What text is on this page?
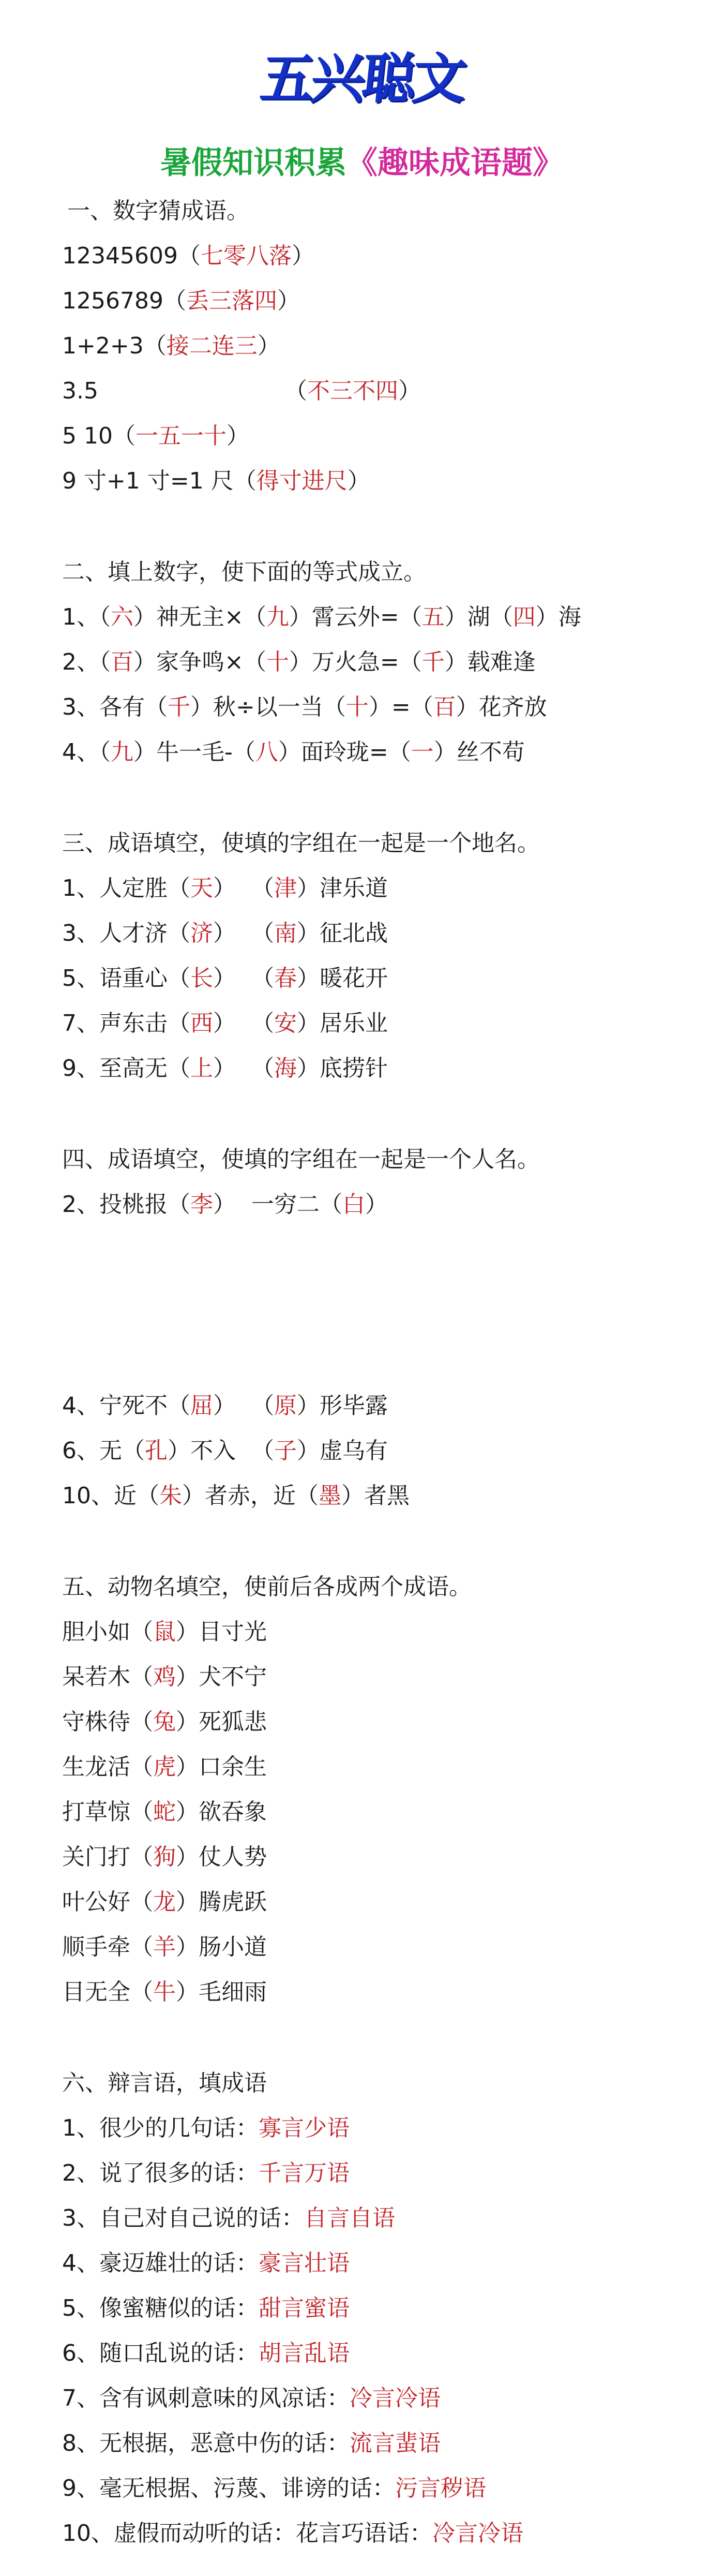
五兴聪文
暑假知识积累《趣味成语题》
一、数字猜成语。
12345609（七零八落）
1256789（丢三落四）
1+2+3（接二连三）
3.5	（不三不四）
5 10（一五一十）
9 寸+1 寸=1 尺（得寸进尺）
二、填上数字，使下面的等式成立。
1、（六）神无主×（九）霄云外=（五）湖（四）海
2、（百）家争鸣×（十）万火急=（千）载难逢
3、各有（千）秋÷以一当（十）=（百）花齐放
4、（九）牛一毛-（八）面玲珑=（一）丝不苟
三、成语填空，使填的字组在一起是一个地名。
1、人定胜（天） （津）津乐道
3、人才济（济） （南）征北战
5、语重心（长） （春）暖花开
7、声东击（西） （安）居乐业
9、至高无（上） （海）底捞针
四、成语填空，使填的字组在一起是一个人名。
2、投桃报（李） 一穷二（白）
4、宁死不（屈） （原）形毕露
6、无（孔）不入 （子）虚乌有
10、近（朱）者赤，近（墨）者黑
五、动物名填空，使前后各成两个成语。
胆小如（鼠）目寸光
呆若木（鸡）犬不宁
守株待（兔）死狐悲
生龙活（虎）口余生
打草惊（蛇）欲吞象
关门打（狗）仗人势
叶公好（龙）腾虎跃
顺手牵（羊）肠小道
目无全（牛）毛细雨
六、辩言语，填成语
1、很少的几句话：寡言少语
2、说了很多的话：千言万语
3、自己对自己说的话：自言自语
4、豪迈雄壮的话：豪言壮语
5、像蜜糖似的话：甜言蜜语
6、随口乱说的话：胡言乱语
7、含有讽刺意味的风凉话：冷言冷语
8、无根据，恶意中伤的话：流言蜚语
9、毫无根据、污蔑、诽谤的话：污言秽语
10、虚假而动听的话：花言巧语话：冷言冷语
